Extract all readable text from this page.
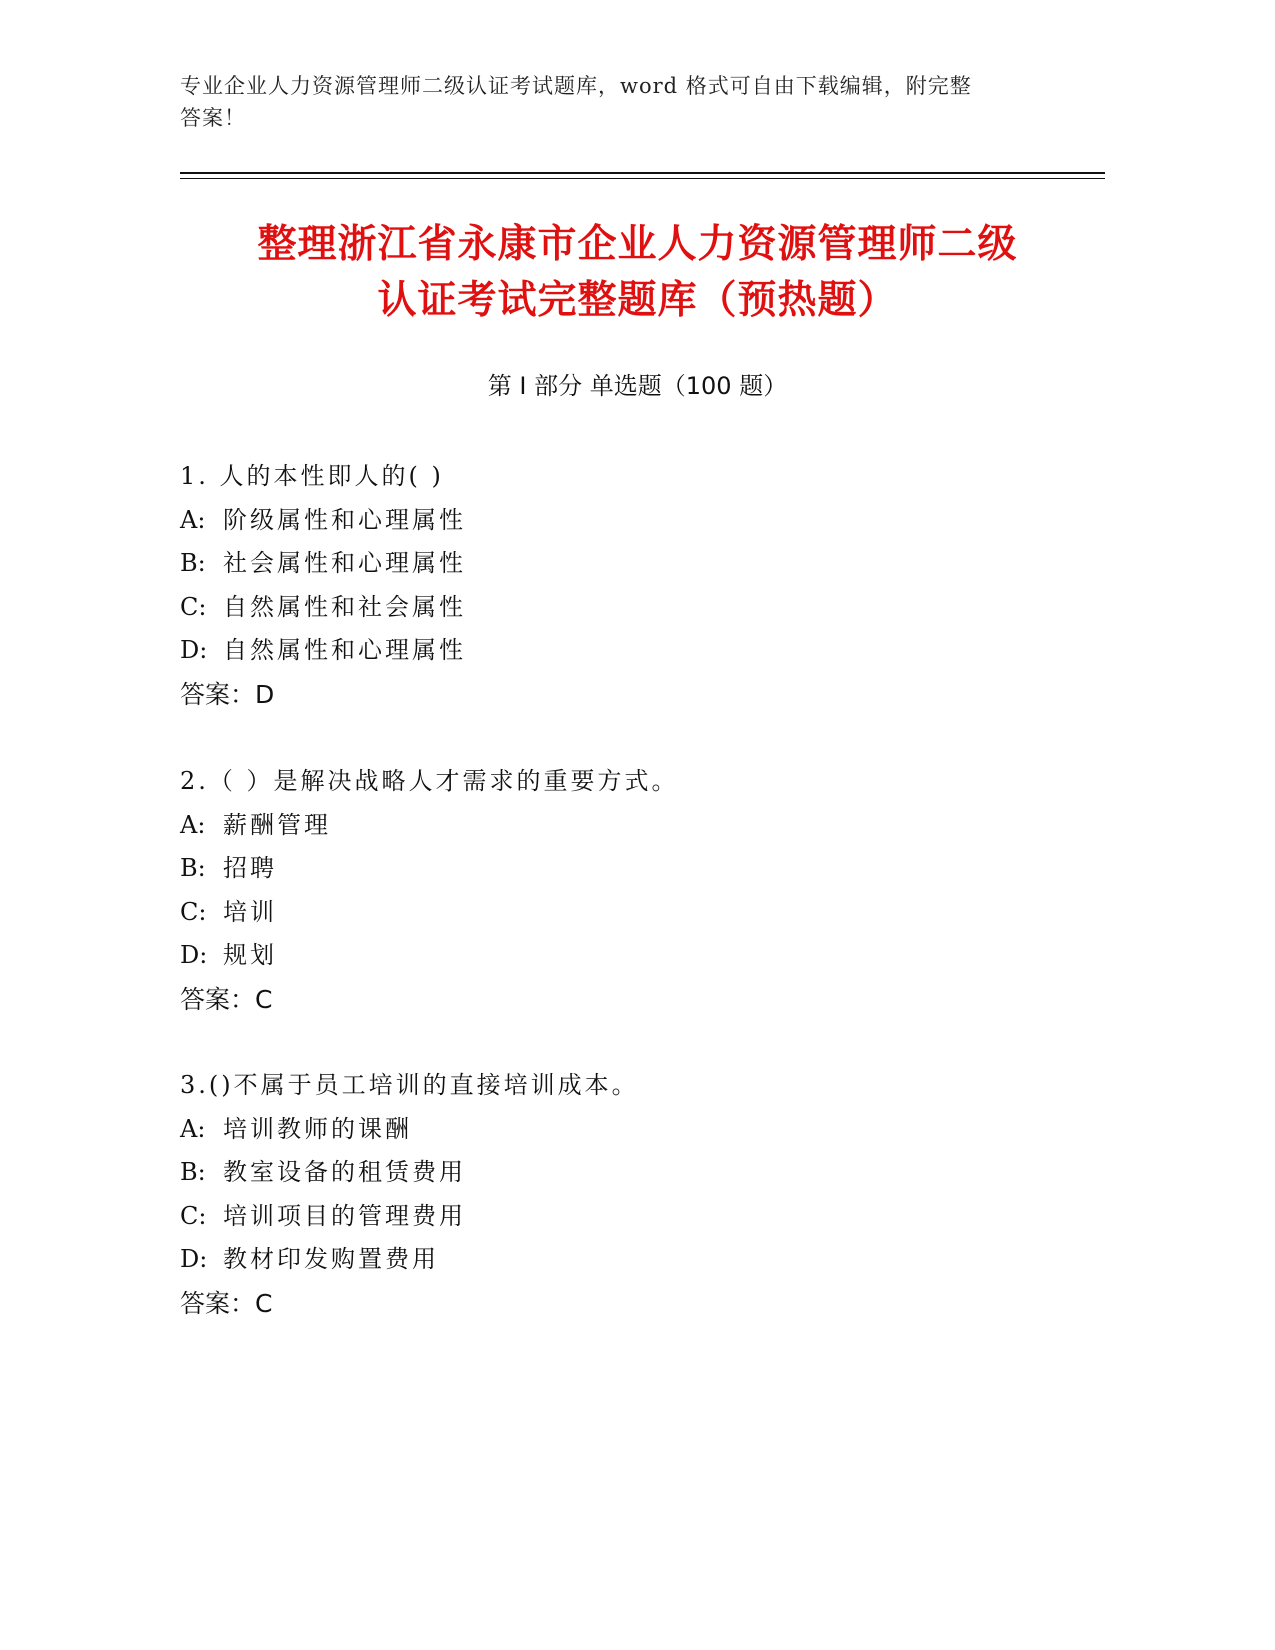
专业企业人力资源管理师二级认证考试题库，word 格式可自由下载编辑，附完整
答案！
整理浙江省永康市企业人力资源管理师二级
认证考试完整题库（预热题）
第 I 部分 单选题（100 题）
1. 人的本性即人的( )
A: 阶级属性和心理属性
B: 社会属性和心理属性
C: 自然属性和社会属性
D: 自然属性和心理属性
答案：D
2.（ ）是解决战略人才需求的重要方式。
A: 薪酬管理
B: 招聘
C: 培训
D: 规划
答案：C
3.()不属于员工培训的直接培训成本。
A: 培训教师的课酬
B: 教室设备的租赁费用
C: 培训项目的管理费用
D: 教材印发购置费用
答案：C
